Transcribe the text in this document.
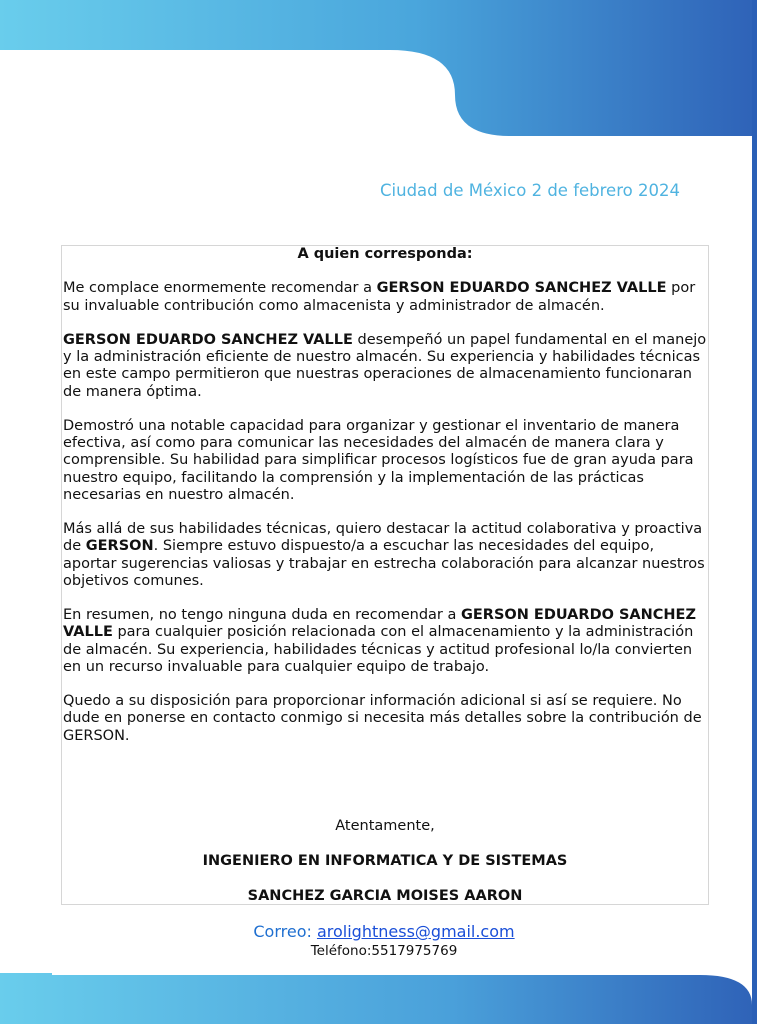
Ciudad de México 2 de febrero 2024

A quien corresponda:

Me complace enormemente recomendar a GERSON EDUARDO SANCHEZ VALLE por su invaluable contribución como almacenista y administrador de almacén.

GERSON EDUARDO SANCHEZ VALLE desempeñó un papel fundamental en el manejo y la administración eficiente de nuestro almacén. Su experiencia y habilidades técnicas en este campo permitieron que nuestras operaciones de almacenamiento funcionaran de manera óptima.

Demostró una notable capacidad para organizar y gestionar el inventario de manera efectiva, así como para comunicar las necesidades del almacén de manera clara y comprensible. Su habilidad para simplificar procesos logísticos fue de gran ayuda para nuestro equipo, facilitando la comprensión y la implementación de las prácticas necesarias en nuestro almacén.

Más allá de sus habilidades técnicas, quiero destacar la actitud colaborativa y proactiva de GERSON. Siempre estuvo dispuesto/a a escuchar las necesidades del equipo, aportar sugerencias valiosas y trabajar en estrecha colaboración para alcanzar nuestros objetivos comunes.

En resumen, no tengo ninguna duda en recomendar a GERSON EDUARDO SANCHEZ VALLE para cualquier posición relacionada con el almacenamiento y la administración de almacén. Su experiencia, habilidades técnicas y actitud profesional lo/la convierten en un recurso invaluable para cualquier equipo de trabajo.

Quedo a su disposición para proporcionar información adicional si así se requiere. No dude en ponerse en contacto conmigo si necesita más detalles sobre la contribución de GERSON.

Atentamente,

INGENIERO EN INFORMATICA Y DE SISTEMAS

SANCHEZ GARCIA MOISES AARON

Correo: arolightness@gmail.com
Teléfono:5517975769
